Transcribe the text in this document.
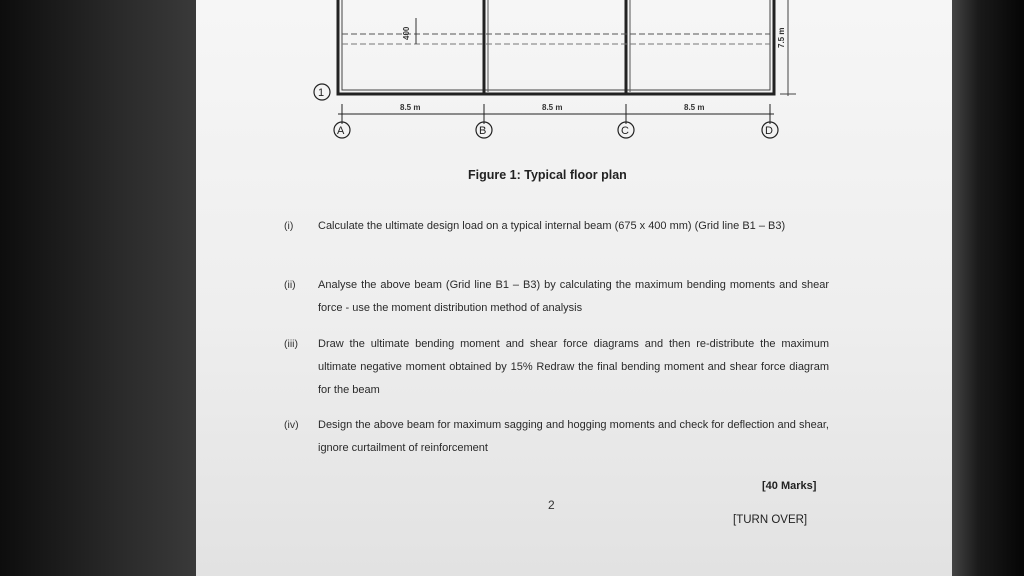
400	7.5 m
1
8.5 m	8.5 m	8.5 m
A	B	C	D
Figure 1: Typical floor plan
(i)	Calculate the ultimate design load on a typical internal beam (675 x 400 mm) (Grid line B1 – B3)
(ii)	Analyse the above beam (Grid line B1 – B3) by calculating the maximum bending moments and shear force - use the moment distribution method of analysis
(iii)	Draw the ultimate bending moment and shear force diagrams and then re-distribute the maximum ultimate negative moment obtained by 15% Redraw the final bending moment and shear force diagram for the beam
(iv)	Design the above beam for maximum sagging and hogging moments and check for deflection and shear, ignore curtailment of reinforcement
[40 Marks]
2
[TURN OVER]
